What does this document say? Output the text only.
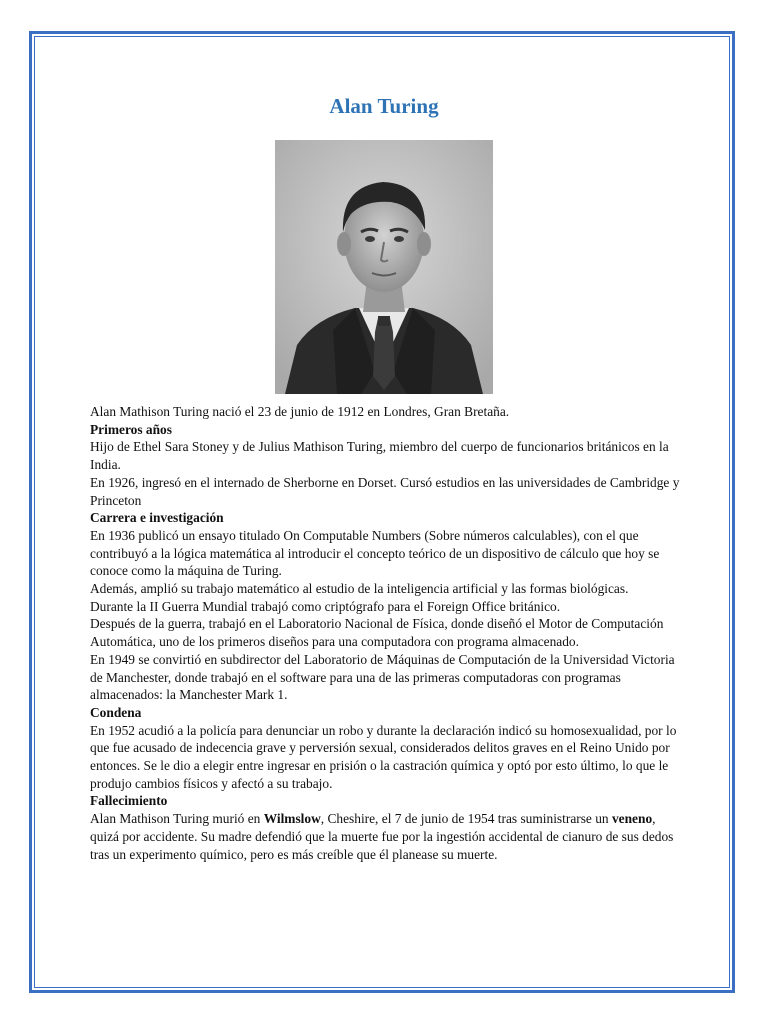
Alan Turing

Alan Mathison Turing nació el 23 de junio de 1912 en Londres, Gran Bretaña.

Primeros años

Hijo de Ethel Sara Stoney y de Julius Mathison Turing, miembro del cuerpo de funcionarios británicos en la India.

En 1926, ingresó en el internado de Sherborne en Dorset. Cursó estudios en las universidades de Cambridge y Princeton

Carrera e investigación

En 1936 publicó un ensayo titulado On Computable Numbers (Sobre números calculables), con el que contribuyó a la lógica matemática al introducir el concepto teórico de un dispositivo de cálculo que hoy se conoce como la máquina de Turing.

Además, amplió su trabajo matemático al estudio de la inteligencia artificial y las formas biológicas.

Durante la II Guerra Mundial trabajó como criptógrafo para el Foreign Office británico.

Después de la guerra, trabajó en el Laboratorio Nacional de Física, donde diseñó el Motor de Computación Automática, uno de los primeros diseños para una computadora con programa almacenado.

En 1949 se convirtió en subdirector del Laboratorio de Máquinas de Computación de la Universidad Victoria de Manchester, donde trabajó en el software para una de las primeras computadoras con programas almacenados: la Manchester Mark 1.

Condena

En 1952 acudió a la policía para denunciar un robo y durante la declaración indicó su homosexualidad, por lo que fue acusado de indecencia grave y perversión sexual, considerados delitos graves en el Reino Unido por entonces. Se le dio a elegir entre ingresar en prisión o la castración química y optó por esto último, lo que le produjo cambios físicos y afectó a su trabajo.

Fallecimiento

Alan Mathison Turing murió en Wilmslow, Cheshire, el 7 de junio de 1954 tras suministrarse un veneno, quizá por accidente. Su madre defendió que la muerte fue por la ingestión accidental de cianuro de sus dedos tras un experimento químico, pero es más creíble que él planease su muerte.
